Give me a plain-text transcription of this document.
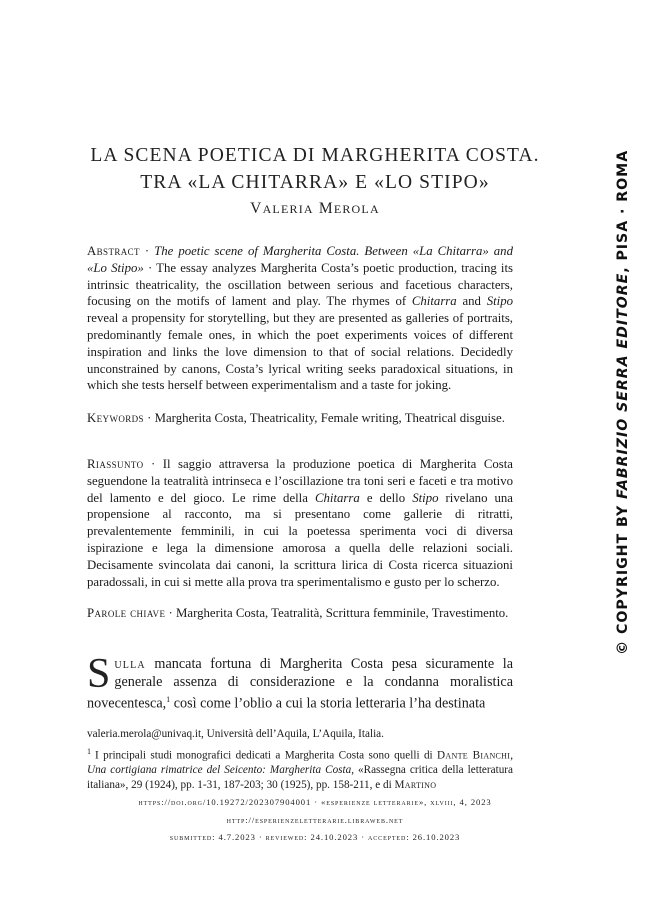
LA SCENA POETICA DI MARGHERITA COSTA.
TRA «LA CHITARRA» E «LO STIPO»
VALERIA MEROLA
Abstract · The poetic scene of Margherita Costa. Between «La Chitarra» and «Lo Stipo» · The essay analyzes Margherita Costa’s poetic production, tracing its intrinsic theatricality, the oscillation between serious and facetious characters, focusing on the motifs of lament and play. The rhymes of Chitarra and Stipo reveal a propensity for storytelling, but they are presented as galleries of portraits, predominantly female ones, in which the poet experiments voices of different inspiration and links the love dimension to that of social relations. Decidedly unconstrained by canons, Costa’s lyrical writing seeks paradoxical situations, in which she tests herself between experimentalism and a taste for joking.
Keywords · Margherita Costa, Theatricality, Female writing, Theatrical disguise.
Riassunto · Il saggio attraversa la produzione poetica di Margherita Costa seguendone la teatralità intrinseca e l’oscillazione tra toni seri e faceti e tra motivo del lamento e del gioco. Le rime della Chitarra e dello Stipo rivelano una propensione al racconto, ma si presentano come gallerie di ritratti, prevalentemente femminili, in cui la poetessa sperimenta voci di diversa ispirazione e lega la dimensione amorosa a quella delle relazioni sociali. Decisamente svincolata dai canoni, la scrittura lirica di Costa ricerca situazioni paradossali, in cui si mette alla prova tra sperimentalismo e gusto per lo scherzo.
Parole chiave · Margherita Costa, Teatralità, Scrittura femminile, Travestimento.
Sulla mancata fortuna di Margherita Costa pesa sicuramente la generale assenza di considerazione e la condanna moralistica novecentesca,$^1$ così come l’oblio a cui la storia letteraria l’ha destinata

valeria.merola@univaq.it, Università dell’Aquila, L’Aquila, Italia.

$^1$ I principali studi monografici dedicati a Margherita Costa sono quelli di Dante Bianchi, Una cortigiana rimatrice del Seicento: Margherita Costa, «Rassegna critica della letteratura italiana», 29 (1924), pp. 1-31, 187-203; 30 (1925), pp. 158-211, e di Martino

https://doi.org/10.19272/202307904001 · «esperienze letterarie», xlviii, 4, 2023
http://esperienzeletterarie.libraweb.net
submitted: 4.7.2023 · reviewed: 24.10.2023 · accepted: 26.10.2023
© COPYRIGHT BY FABRIZIO SERRA EDITORE, PISA · ROMA
